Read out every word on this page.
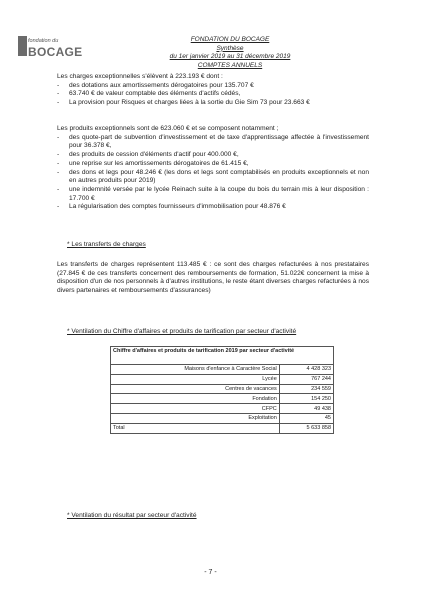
fondation du
BOCAGE
FONDATION DU BOCAGE
Synthèse
du 1er janvier 2019 au 31 décembre 2019
COMPTES ANNUELS
Les charges exceptionnelles s'élèvent à 223.193 € dont :
- des dotations aux amortissements dérogatoires pour 135.707 €
- 63.740 € de valeur comptable des éléments d'actifs cédés,
- La provision pour Risques et charges liées à la sortie du Gie Sim 73 pour 23.663 €
Les produits exceptionnels sont de 623.060 € et se composent notamment ;
- des quote-part de subvention d'investissement et de taxe d'apprentissage affectée à l'investissement pour 36.378 €,
- des produits de cession d'éléments d'actif pour 400.000 €,
- une reprise sur les amortissements dérogatoires de 61.415 €,
- des dons et legs pour 48.246 € (les dons et legs sont comptabilisés en produits exceptionnels et non en autres produits pour 2019)
- une indemnité versée par le lycée Reinach suite à la coupe du bois du terrain mis à leur disposition : 17.700 €
- La régularisation des comptes fournisseurs d'immobilisation pour 48.876 €
* Les transferts de charges
Les transferts de charges représentent 113.485 € : ce sont des charges refacturées à nos prestataires (27.845 € de ces transferts concernent des remboursements de formation, 51.022€ concernent la mise à disposition d'un de nos personnels à d'autres institutions, le reste étant diverses charges refacturées à nos divers partenaires et remboursements d'assurances)
* Ventilation du Chiffre d'affaires et produits de tarification par secteur d'activité
Chiffre d'affaires et produits de tarification 2019 par secteur d'activité	
Maisons d'enfance à Caractère Social	4 428 323
Lycée	767 244
Centres de vacances	234 559
Fondation	154 250
CFPC	49 438
Exploitation	45
Total	5 633 858
* Ventilation du résultat par secteur d'activité
- 7 -
